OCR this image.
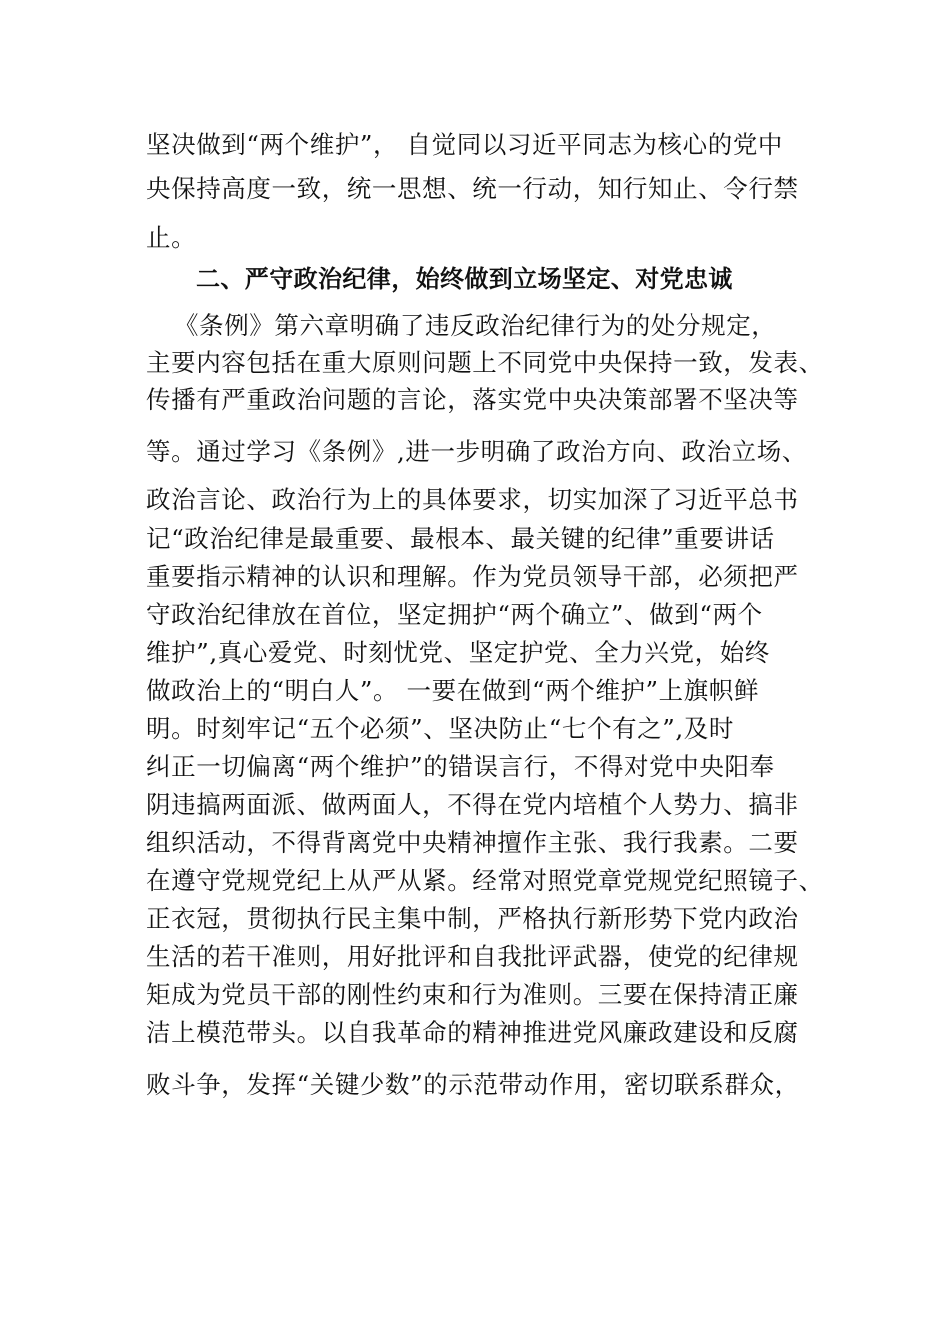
坚决做到“两个维护”， 自觉同以习近平同志为核心的党中
央保持高度一致，统一思想、统一行动，知行知止、令行禁
止。
二、严守政治纪律，始终做到立场坚定、对党忠诚
《条例》第六章明确了违反政治纪律行为的处分规定，
主要内容包括在重大原则问题上不同党中央保持一致，发表、
传播有严重政治问题的言论，落实党中央决策部署不坚决等
等。通过学习《条例》,进一步明确了政治方向、政治立场、
政治言论、政治行为上的具体要求，切实加深了习近平总书
记“政治纪律是最重要、最根本、最关键的纪律”重要讲话
重要指示精神的认识和理解。作为党员领导干部，必须把严
守政治纪律放在首位，坚定拥护“两个确立”、做到“两个
维护”,真心爱党、时刻忧党、坚定护党、全力兴党，始终
做政治上的“明白人”。 一要在做到“两个维护”上旗帜鲜
明。时刻牢记“五个必须”、坚决防止“七个有之”,及时
纠正一切偏离“两个维护”的错误言行，不得对党中央阳奉
阴违搞两面派、做两面人，不得在党内培植个人势力、搞非
组织活动，不得背离党中央精神擅作主张、我行我素。二要
在遵守党规党纪上从严从紧。经常对照党章党规党纪照镜子、
正衣冠，贯彻执行民主集中制，严格执行新形势下党内政治
生活的若干准则，用好批评和自我批评武器，使党的纪律规
矩成为党员干部的刚性约束和行为准则。三要在保持清正廉
洁上模范带头。以自我革命的精神推进党风廉政建设和反腐
败斗争，发挥“关键少数”的示范带动作用，密切联系群众，
